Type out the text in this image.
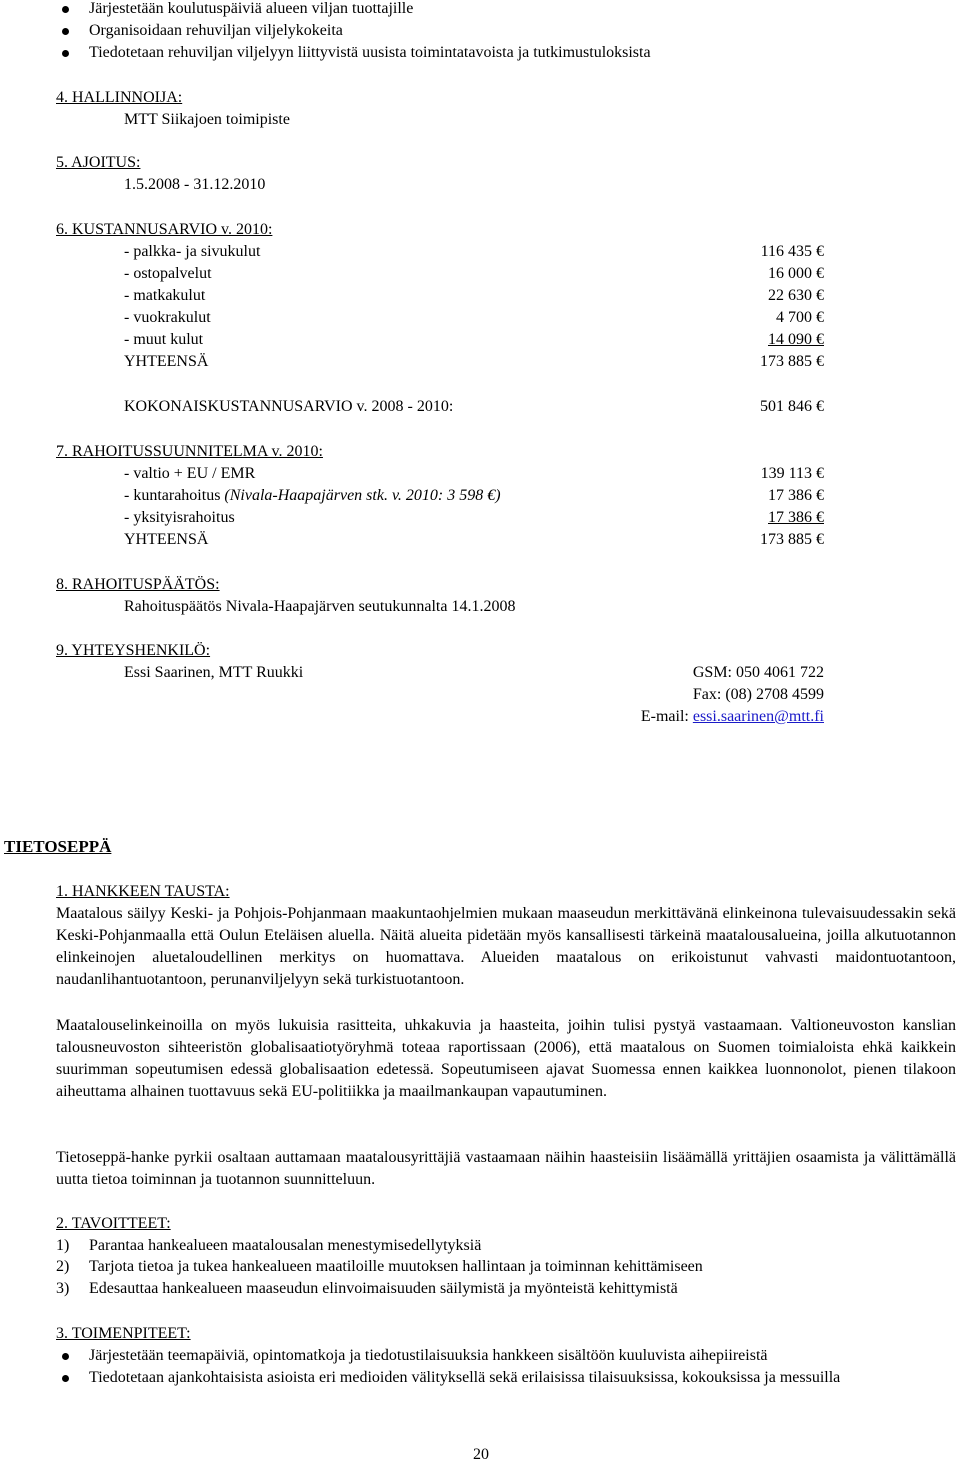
Järjestetään koulutuspäiviä alueen viljan tuottajille
Organisoidaan rehuviljan viljelykokeita
Tiedotetaan rehuviljan viljelyyn liittyvistä uusista toimintatavoista ja tutkimustuloksista
4. HALLINNOIJA:
MTT Siikajoen toimipiste
5. AJOITUS:
1.5.2008 - 31.12.2010
6. KUSTANNUSARVIO v. 2010:
- palkka- ja sivukulut	116 435 €
- ostopalvelut	16 000 €
- matkakulut	22 630 €
- vuokrakulut	4 700 €
- muut kulut	14 090 €
YHTEENSÄ	173 885 €
KOKONAISKUSTANNUSARVIO v. 2008 - 2010:	501 846 €
7. RAHOITUSSUUNNITELMA v. 2010:
- valtio + EU / EMR	139 113 €
- kuntarahoitus (Nivala-Haapajärven stk. v. 2010: 3 598 €)	17 386 €
- yksityisrahoitus	17 386 €
YHTEENSÄ	173 885 €
8. RAHOITUSPÄÄTÖS:
Rahoituspäätös Nivala-Haapajärven seutukunnalta 14.1.2008
9. YHTEYSHENKILÖ:
Essi Saarinen, MTT Ruukki	GSM: 050 4061 722
Fax: (08) 2708 4599
E-mail: essi.saarinen@mtt.fi
TIETOSEPPÄ
1. HANKKEEN TAUSTA:
Maatalous säilyy Keski- ja Pohjois-Pohjanmaan maakuntaohjelmien mukaan maaseudun merkittävänä elinkeinona tulevaisuudessakin sekä Keski-Pohjanmaalla että Oulun Eteläisen aluella. Näitä alueita pidetään myös kansallisesti tärkeinä maatalousalueina, joilla alkutuotannon elinkeinojen aluetaloudellinen merkitys on huomattava. Alueiden maatalous on erikoistunut vahvasti maidontuotantoon, naudanlihantuotantoon, perunanviljelyyn sekä turkistuotantoon.
Maatalouselinkeinoilla on myös lukuisia rasitteita, uhkakuvia ja haasteita, joihin tulisi pystyä vastaamaan. Valtioneuvoston kanslian talousneuvoston sihteeristön globalisaatiotyöryhmä toteaa raportissaan (2006), että maatalous on Suomen toimialoista ehkä kaikkein suurimman sopeutumisen edessä globalisaation edetessä. Sopeutumiseen ajavat Suomessa ennen kaikkea luonnonolot, pienen tilakoon aiheuttama alhainen tuottavuus sekä EU-politiikka ja maailmankaupan vapautuminen.
Tietoseppä-hanke pyrkii osaltaan auttamaan maatalousyrittäjiä vastaamaan näihin haasteisiin lisäämällä yrittäjien osaamista ja välittämällä uutta tietoa toiminnan ja tuotannon suunnitteluun.
2. TAVOITTEET:
1) Parantaa hankealueen maatalousalan menestymisedellytyksiä
2) Tarjota tietoa ja tukea hankealueen maatiloille muutoksen hallintaan ja toiminnan kehittämiseen
3) Edesauttaa hankealueen maaseudun elinvoimaisuuden säilymistä ja myönteistä kehittymistä
3. TOIMENPITEET:
Järjestetään teemapäiviä, opintomatkoja ja tiedotustilaisuuksia hankkeen sisältöön kuuluvista aihepiireistä
Tiedotetaan ajankohtaisista asioista eri medioiden välityksellä sekä erilaisissa tilaisuuksissa, kokouksissa ja messuilla
20
